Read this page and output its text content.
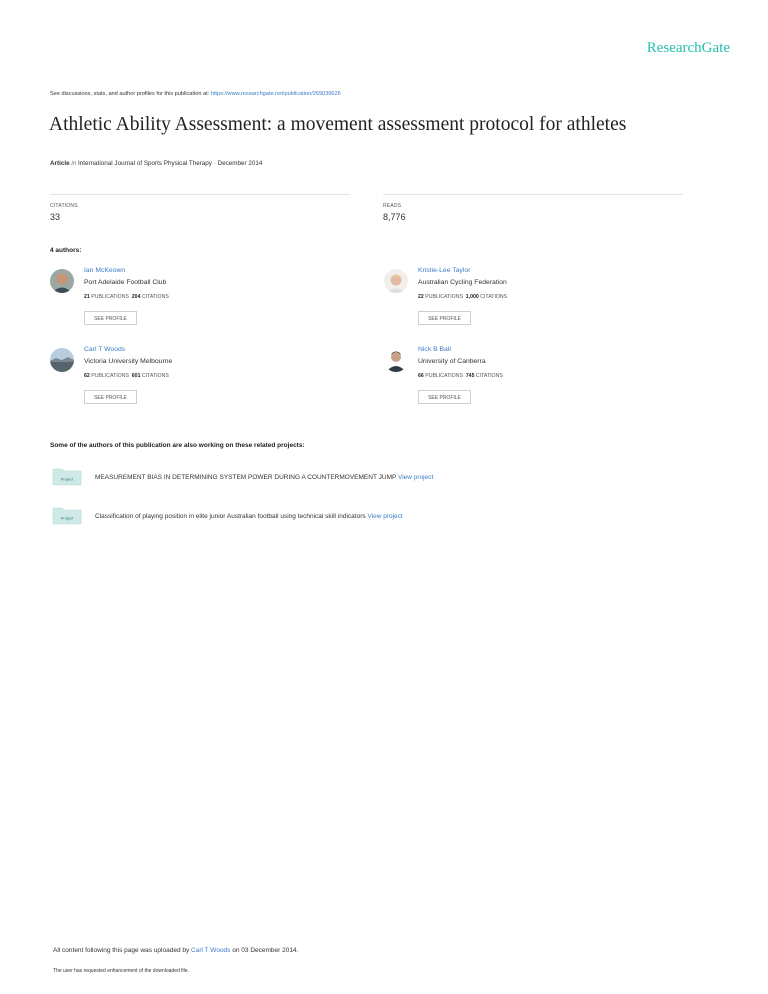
ResearchGate
See discussions, stats, and author profiles for this publication at: https://www.researchgate.net/publication/269039626
Athletic Ability Assessment: a movement assessment protocol for athletes
Article in International Journal of Sports Physical Therapy · December 2014
CITATIONS
33
READS
8,776
4 authors:
Ian McKeown
Port Adelaide Football Club
21 PUBLICATIONS 204 CITATIONS
SEE PROFILE
Kristie-Lee Taylor
Australian Cycling Federation
22 PUBLICATIONS 1,000 CITATIONS
SEE PROFILE
Carl T Woods
Victoria University Melbourne
62 PUBLICATIONS 601 CITATIONS
SEE PROFILE
Nick B Ball
University of Canberra
66 PUBLICATIONS 745 CITATIONS
SEE PROFILE
Some of the authors of this publication are also working on these related projects:
Project	MEASUREMENT BIAS IN DETERMINING SYSTEM POWER DURING A COUNTERMOVEMENT JUMP View project
Project	Classification of playing position in elite junior Australian football using technical skill indicators View project
All content following this page was uploaded by Carl T Woods on 03 December 2014.
The user has requested enhancement of the downloaded file.
